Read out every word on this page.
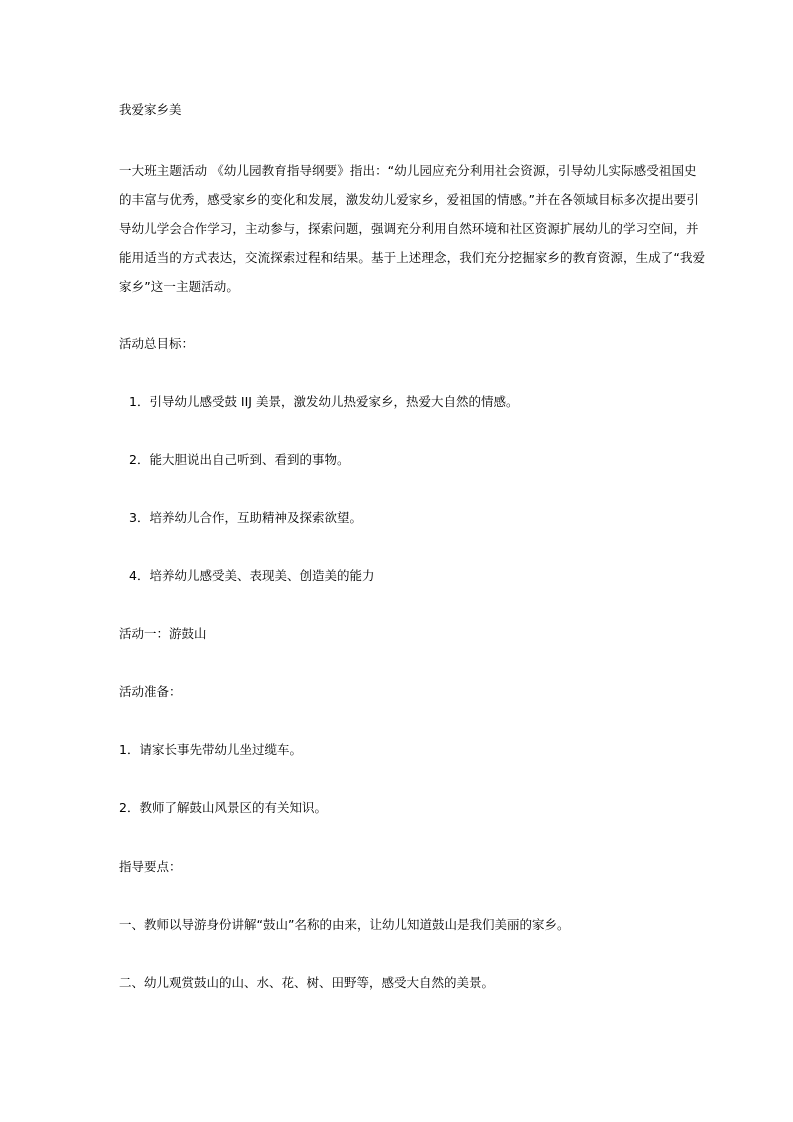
我爱家乡美

一大班主题活动 《幼儿园教育指导纲要》指出：“幼儿园应充分利用社会资源，引导幼儿实际感受祖国史

的丰富与优秀，感受家乡的变化和发展，激发幼儿爱家乡，爱祖国的情感。”并在各领域目标多次提出要引

导幼儿学会合作学习，主动参与，探索问题，强调充分利用自然环境和社区资源扩展幼儿的学习空间，并

能用适当的方式表达，交流探索过程和结果。基于上述理念，我们充分挖掘家乡的教育资源，生成了“我爱

家乡”这一主题活动。

活动总目标：
1．引导幼儿感受鼓 IIJ 美景，激发幼儿热爱家乡，热爱大自然的情感。
2．能大胆说出自己听到、看到的事物。
3．培养幼儿合作，互助精神及探索欲望。
4．培养幼儿感受美、表现美、创造美的能力
活动一：游鼓山
活动准备：
1．请家长事先带幼儿坐过缆车。
2．教师了解鼓山风景区的有关知识。
指导要点：
一、教师以导游身份讲解“鼓山”名称的由来，让幼儿知道鼓山是我们美丽的家乡。
二、幼儿观赏鼓山的山、水、花、树、田野等，感受大自然的美景。
